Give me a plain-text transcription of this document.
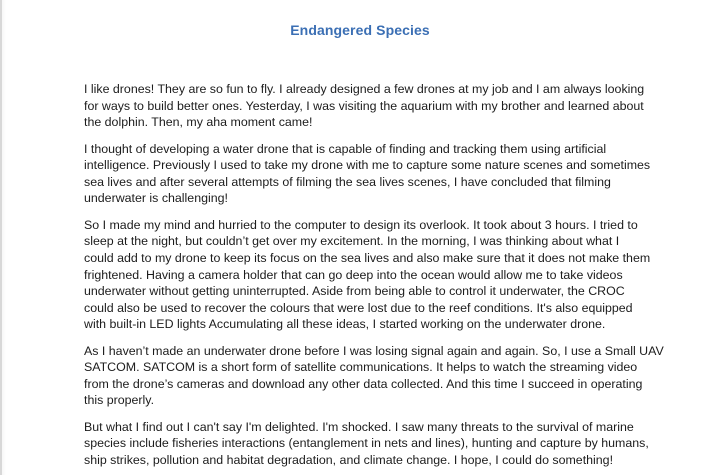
Endangered Species

I like drones! They are so fun to fly. I already designed a few drones at my job and I am always looking
for ways to build better ones. Yesterday, I was visiting the aquarium with my brother and learned about
the dolphin. Then, my aha moment came!

I thought of developing a water drone that is capable of finding and tracking them using artificial
intelligence. Previously I used to take my drone with me to capture some nature scenes and sometimes
sea lives and after several attempts of filming the sea lives scenes, I have concluded that filming
underwater is challenging!

So I made my mind and hurried to the computer to design its overlook. It took about 3 hours. I tried to
sleep at the night, but couldn’t get over my excitement. In the morning, I was thinking about what I
could add to my drone to keep its focus on the sea lives and also make sure that it does not make them
frightened. Having a camera holder that can go deep into the ocean would allow me to take videos
underwater without getting uninterrupted. Aside from being able to control it underwater, the CROC
could also be used to recover the colours that were lost due to the reef conditions. It's also equipped
with built-in LED lights Accumulating all these ideas, I started working on the underwater drone.

As I haven’t made an underwater drone before I was losing signal again and again. So, I use a Small UAV
SATCOM. SATCOM is a short form of satellite communications. It helps to watch the streaming video
from the drone’s cameras and download any other data collected. And this time I succeed in operating
this properly.

But what I find out I can't say I'm delighted. I'm shocked. I saw many threats to the survival of marine
species include fisheries interactions (entanglement in nets and lines), hunting and capture by humans,
ship strikes, pollution and habitat degradation, and climate change. I hope, I could do something!
